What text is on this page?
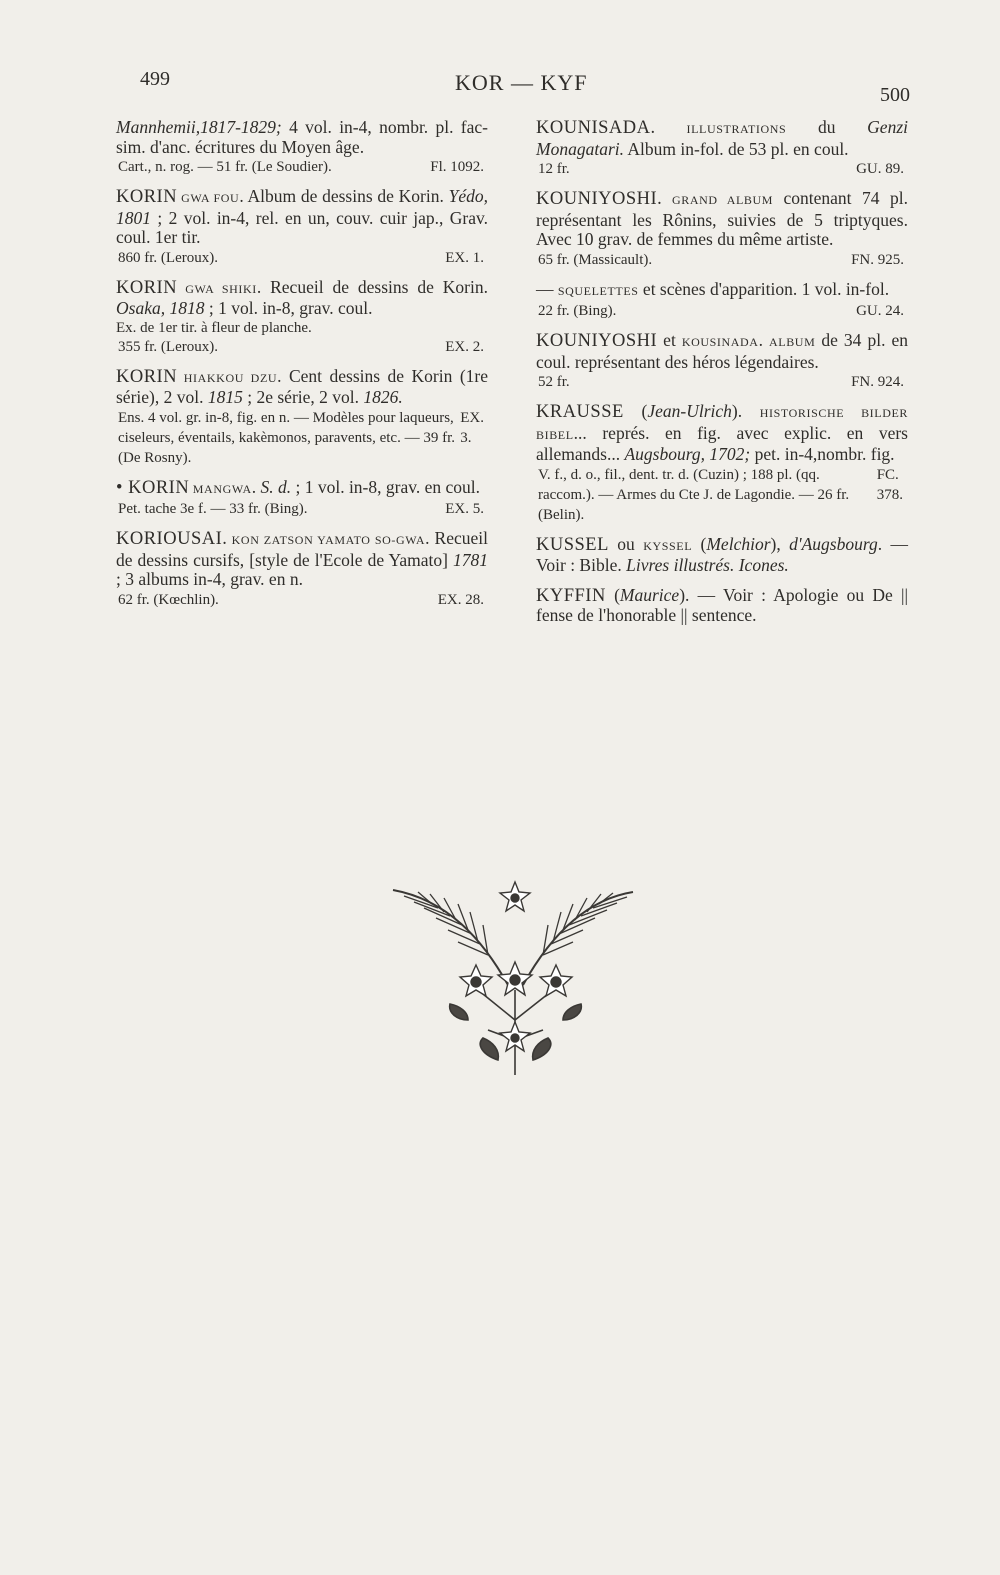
499	KOR — KYF	500
Mannhemii,1817-1829; 4 vol. in-4, nombr. pl. fac-sim. d'anc. écritures du Moyen âge.
Cart., n. rog. — 51 fr. (Le Soudier).	Fl. 1092.
KORIN GWA FOU. Album de dessins de Korin. Yédo, 1801 ; 2 vol. in-4, rel. en un, couv. cuir jap., Grav. coul. 1er tir.
860 fr. (Leroux).	EX. 1.
KORIN GWA SHIKI. Recueil de dessins de Korin. Osaka, 1818 ; 1 vol. in-8, grav. coul.
Ex. de 1er tir. à fleur de planche.
355 fr. (Leroux).	EX. 2.
KORIN HIAKKOU DZU. Cent dessins de Korin (1re série), 2 vol. 1815 ; 2e série, 2 vol. 1826.
Ens. 4 vol. gr. in-8, fig. en n. — Modèles pour laqueurs, ciseleurs, éventails, kakèmonos, paravents, etc. — 39 fr. (De Rosny).
EX. 3.
• KORIN MANGWA. S. d. ; 1 vol. in-8, grav. en coul.
Pet. tache 3e f. — 33 fr. (Bing).	EX. 5.
KORIOUSAI. KON ZATSON YAMATO SO-GWA. Recueil de dessins cursifs, [style de l'Ecole de Yamato] 1781 ; 3 albums in-4, grav. en n.
62 fr. (Kœchlin).	EX. 28.
KOUNISADA. ILLUSTRATIONS du Genzi Monagatari. Album in-fol. de 53 pl. en coul.
12 fr.	GU. 89.
KOUNIYOSHI. GRAND ALBUM contenant 74 pl. représentant les Rônins, suivies de 5 triptyques. Avec 10 grav. de femmes du même artiste.
65 fr. (Massicault).	FN. 925.
— SQUELETTES et scènes d'apparition. 1 vol. in-fol.
22 fr. (Bing).	GU. 24.
KOUNIYOSHI et KOUSINADA. ALBUM de 34 pl. en coul. représentant des héros légendaires.
52 fr.	FN. 924.
KRAUSSE (Jean-Ulrich). HISTORISCHE BILDER BIBEL... représ. en fig. avec explic. en vers allemands... Augsbourg, 1702; pet. in-4,nombr. fig.
V. f., d. o., fil., dent. tr. d. (Cuzin) ; 188 pl. (qq. raccom.). — Armes du Cte J. de Lagondie. — 26 fr. (Belin).
FC. 378.
KUSSEL ou KYSSEL (Melchior), d'Augsbourg. — Voir : Bible. Livres illustrés. Icones.
KYFFIN (Maurice). — Voir : Apologie ou De || fense de l'honorable || sentence.
